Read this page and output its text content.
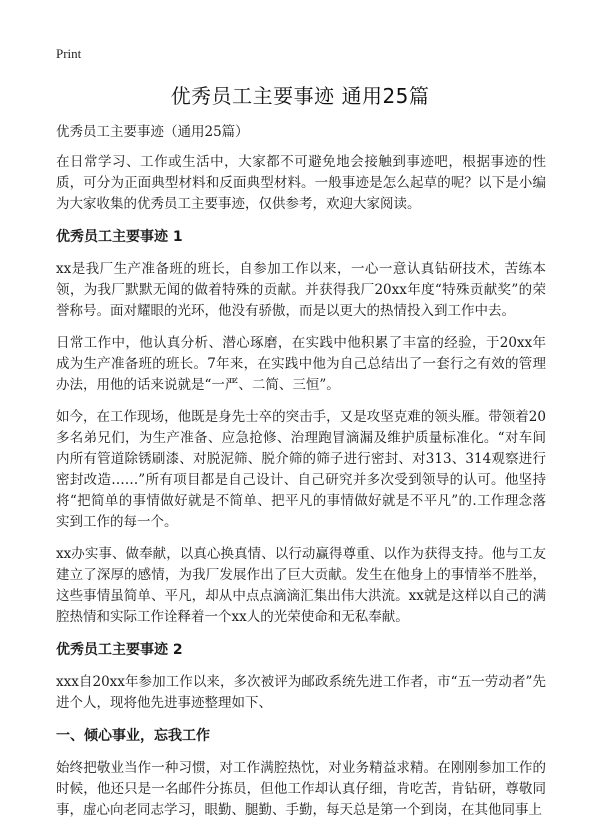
Print
优秀员工主要事迹 通用25篇
优秀员工主要事迹（通用25篇）

在日常学习、工作或生活中，大家都不可避免地会接触到事迹吧，根据事迹的性质，可分为正面典型材料和反面典型材料。一般事迹是怎么起草的呢？以下是小编为大家收集的优秀员工主要事迹，仅供参考，欢迎大家阅读。

优秀员工主要事迹 1

xx是我厂生产准备班的班长，自参加工作以来，一心一意认真钻研技术，苦练本领，为我厂默默无闻的做着特殊的贡献。并获得我厂20xx年度“特殊贡献奖”的荣誉称号。面对耀眼的光环，他没有骄傲，而是以更大的热情投入到工作中去。

日常工作中，他认真分析、潜心琢磨，在实践中他积累了丰富的经验，于20xx年成为生产准备班的班长。7年来，在实践中他为自己总结出了一套行之有效的管理办法，用他的话来说就是“一严、二简、三恒”。

如今，在工作现场，他既是身先士卒的突击手，又是攻坚克难的领头雁。带领着20多名弟兄们，为生产准备、应急抢修、治理跑冒滴漏及维护质量标准化。“对车间内所有管道除锈刷漆、对脱泥筛、脱介筛的筛子进行密封、对313、314观察进行密封改造……”所有项目都是自己设计、自己研究并多次受到领导的认可。他坚持将“把简单的事情做好就是不简单、把平凡的事情做好就是不平凡”的.工作理念落实到工作的每一个。

xx办实事、做奉献，以真心换真情、以行动赢得尊重、以作为获得支持。他与工友建立了深厚的感情，为我厂发展作出了巨大贡献。发生在他身上的事情举不胜举，这些事情虽简单、平凡，却从中点点滴滴汇集出伟大洪流。xx就是这样以自己的满腔热情和实际工作诠释着一个xx人的光荣使命和无私奉献。

优秀员工主要事迹 2

xxx自20xx年参加工作以来，多次被评为邮政系统先进工作者，市“五一劳动者”先进个人，现将他先进事迹整理如下、

一、倾心事业，忘我工作

始终把敬业当作一种习惯，对工作满腔热忱，对业务精益求精。在刚刚参加工作的时候，他还只是一名邮件分拣员，但他工作却认真仔细，肯吃苦，肯钻研，尊敬同事，虚心向老同志学习，眼勤、腿勤、手勤，每天总是第一个到岗，在其他同事上
